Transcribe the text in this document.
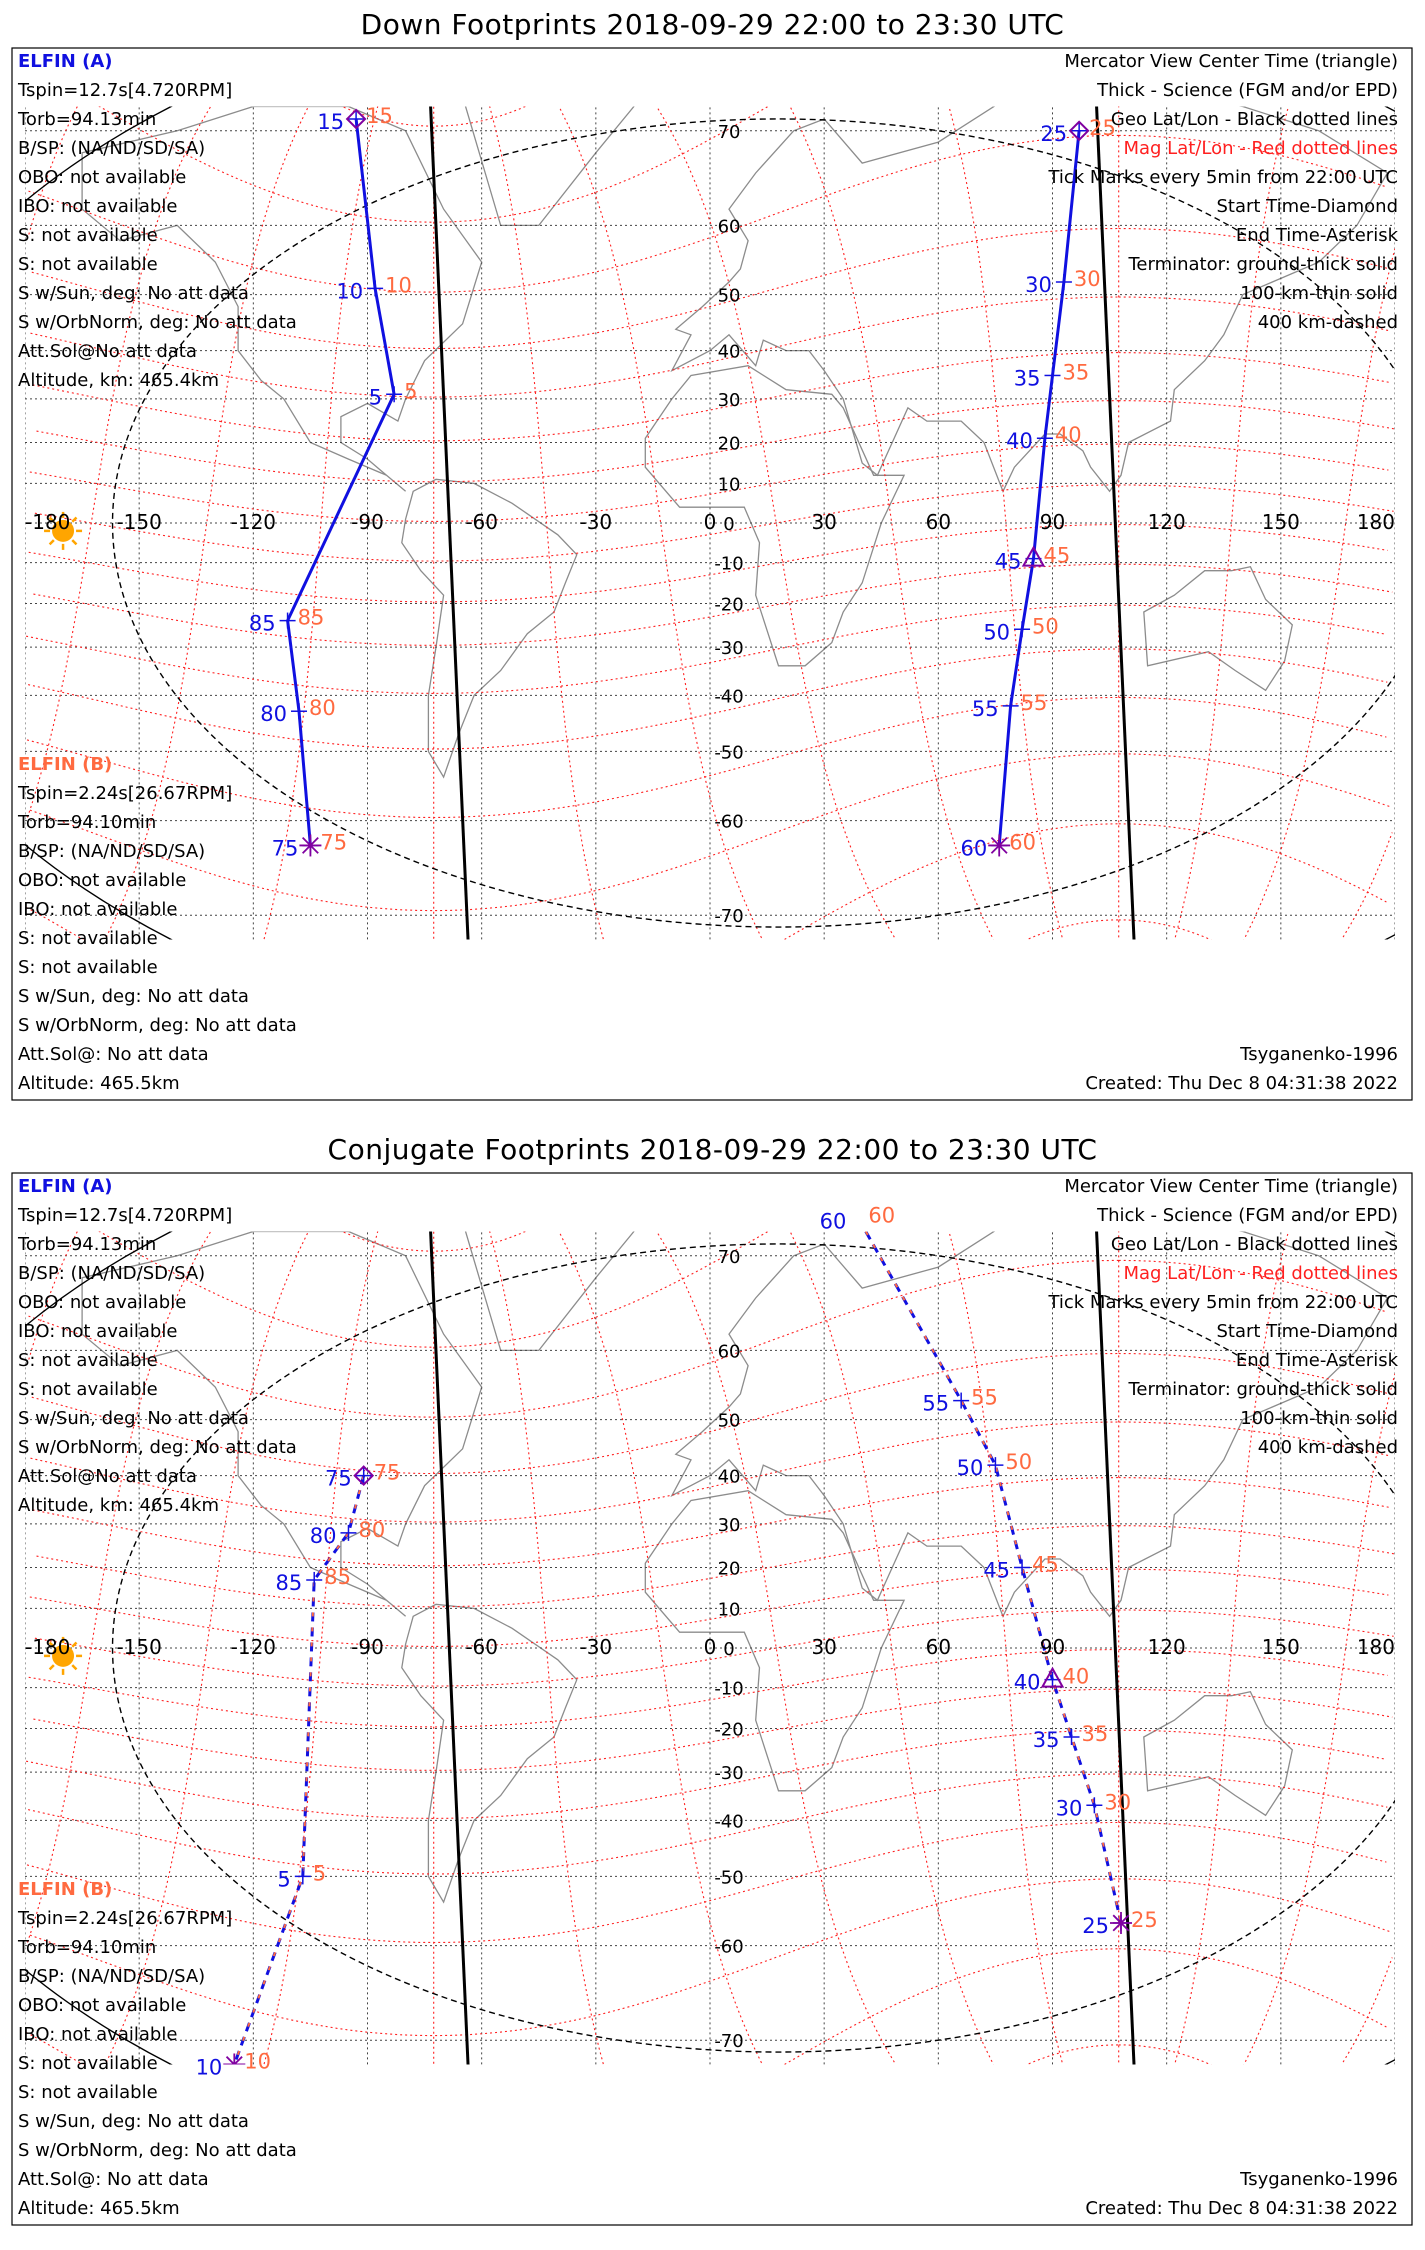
Down Footprints 2018-09-29 22:00 to 23:30 UTC
-180 -150	-120	-90	-60	-30	0	30	60	90	120	150	180
70
60
50
40
30
20
10
0
-10
-20
-30
-40
-50
-60
-70
15 15
10 10
5 5
85 85
80 80
75 75
25 25
30 30
35 35
40 40
45 45
50 50
55 55
60 60
ELFIN (A)
Tspin=12.7s[4.720RPM]
Torb=94.13min
B/SP: (NA/ND/SD/SA)
OBO: not available
IBO: not available
S: not available
S: not available
S w/Sun, deg: No att data
S w/OrbNorm, deg: No att data
Att.Sol@No att data
Altitude, km: 465.4km
ELFIN (B)
Tspin=2.24s[26.67RPM]
Torb=94.10min
B/SP: (NA/ND/SD/SA)
OBO: not available
IBO: not available
S: not available
S: not available
S w/Sun, deg: No att data
S w/OrbNorm, deg: No att data
Att.Sol@: No att data
Altitude: 465.5km
Mercator View Center Time (triangle)
Thick - Science (FGM and/or EPD)
Geo Lat/Lon - Black dotted lines
Mag Lat/Lon - Red dotted lines
Tick Marks every 5min from 22:00 UTC
Start Time-Diamond
End Time-Asterisk
Terminator: ground-thick solid
100-km-thin solid
400 km-dashed
Tsyganenko-1996
Created: Thu Dec 8 04:31:38 2022
Conjugate Footprints 2018-09-29 22:00 to 23:30 UTC
-180 -150	-120	-90	-60	-30	0	30	60	90	120	150	180
70
60
50
40
30
20
10
0
-10
-20
-30
-40
-50
-60
-70
75 75
80 80
85 85
5 5
10 10
60 60
55 55
50 50
45 45
40 40
35 35
30 30
25 25
ELFIN (A)
Tspin=12.7s[4.720RPM]
Torb=94.13min
B/SP: (NA/ND/SD/SA)
OBO: not available
IBO: not available
S: not available
S: not available
S w/Sun, deg: No att data
S w/OrbNorm, deg: No att data
Att.Sol@No att data
Altitude, km: 465.4km
ELFIN (B)
Tspin=2.24s[26.67RPM]
Torb=94.10min
B/SP: (NA/ND/SD/SA)
OBO: not available
IBO: not available
S: not available
S: not available
S w/Sun, deg: No att data
S w/OrbNorm, deg: No att data
Att.Sol@: No att data
Altitude: 465.5km
Mercator View Center Time (triangle)
Thick - Science (FGM and/or EPD)
Geo Lat/Lon - Black dotted lines
Mag Lat/Lon - Red dotted lines
Tick Marks every 5min from 22:00 UTC
Start Time-Diamond
End Time-Asterisk
Terminator: ground-thick solid
100-km-thin solid
400 km-dashed
Tsyganenko-1996
Created: Thu Dec 8 04:31:38 2022
